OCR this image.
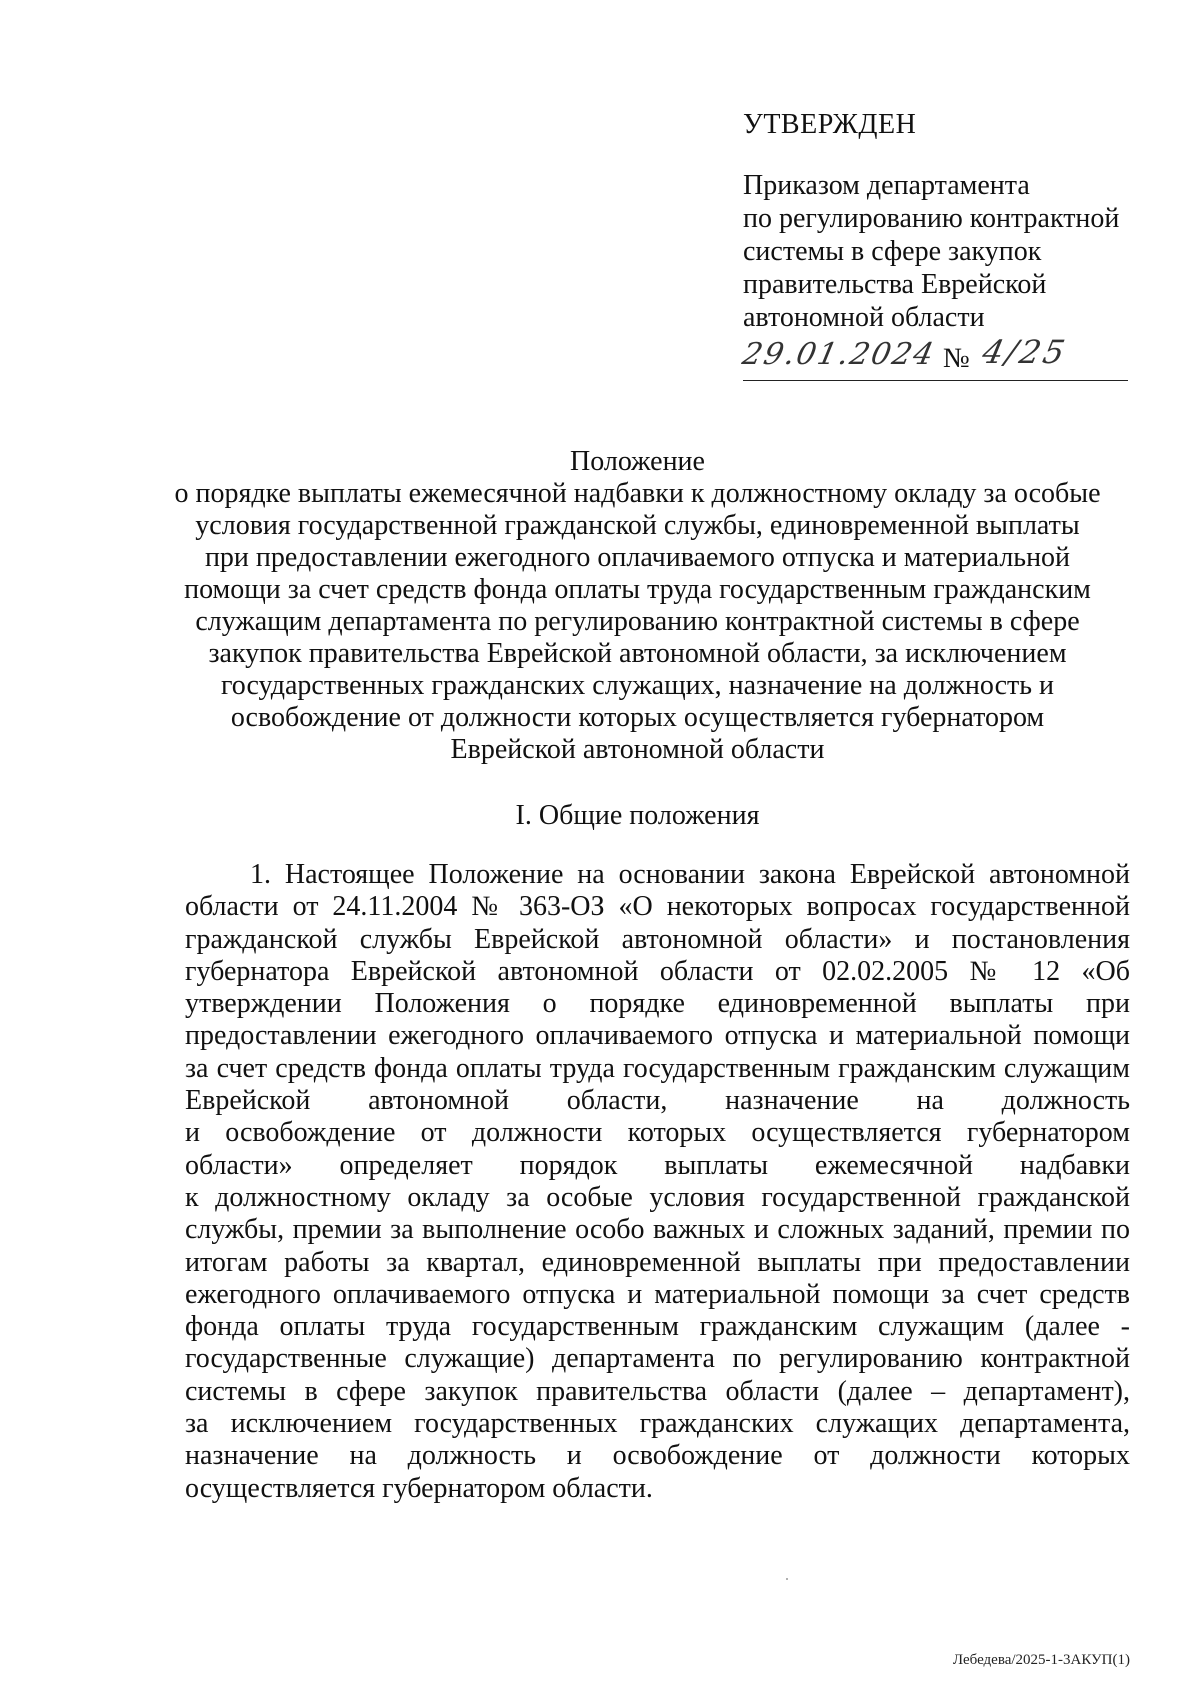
УТВЕРЖДЕН
Приказом департамента
по регулированию контрактной
системы в сфере закупок
правительства Еврейской
автономной области
29.01.2024 № 4/25
Положение
о порядке выплаты ежемесячной надбавки к должностному окладу за особые
условия государственной гражданской службы, единовременной выплаты
при предоставлении ежегодного оплачиваемого отпуска и материальной
помощи за счет средств фонда оплаты труда государственным гражданским
служащим департамента по регулированию контрактной системы в сфере
закупок правительства Еврейской автономной области, за исключением
государственных гражданских служащих, назначение на должность и
освобождение от должности которых осуществляется губернатором
Еврейской автономной области
I. Общие положения
1. Настоящее Положение на основании закона Еврейской автономной
области от 24.11.2004 № 363-ОЗ «О некоторых вопросах государственной
гражданской службы Еврейской автономной области» и постановления
губернатора Еврейской автономной области от 02.02.2005 № 12 «Об
утверждении Положения о порядке единовременной выплаты при
предоставлении ежегодного оплачиваемого отпуска и материальной помощи
за счет средств фонда оплаты труда государственным гражданским служащим
Еврейской автономной области, назначение на должность
и освобождение от должности которых осуществляется губернатором
области» определяет порядок выплаты ежемесячной надбавки
к должностному окладу за особые условия государственной гражданской
службы, премии за выполнение особо важных и сложных заданий, премии по
итогам работы за квартал, единовременной выплаты при предоставлении
ежегодного оплачиваемого отпуска и материальной помощи за счет средств
фонда оплаты труда государственным гражданским служащим (далее -
государственные служащие) департамента по регулированию контрактной
системы в сфере закупок правительства области (далее – департамент),
за исключением государственных гражданских служащих департамента,
назначение на должность и освобождение от должности которых
осуществляется губернатором области.
Лебедева/2025-1-3АКУП(1)
